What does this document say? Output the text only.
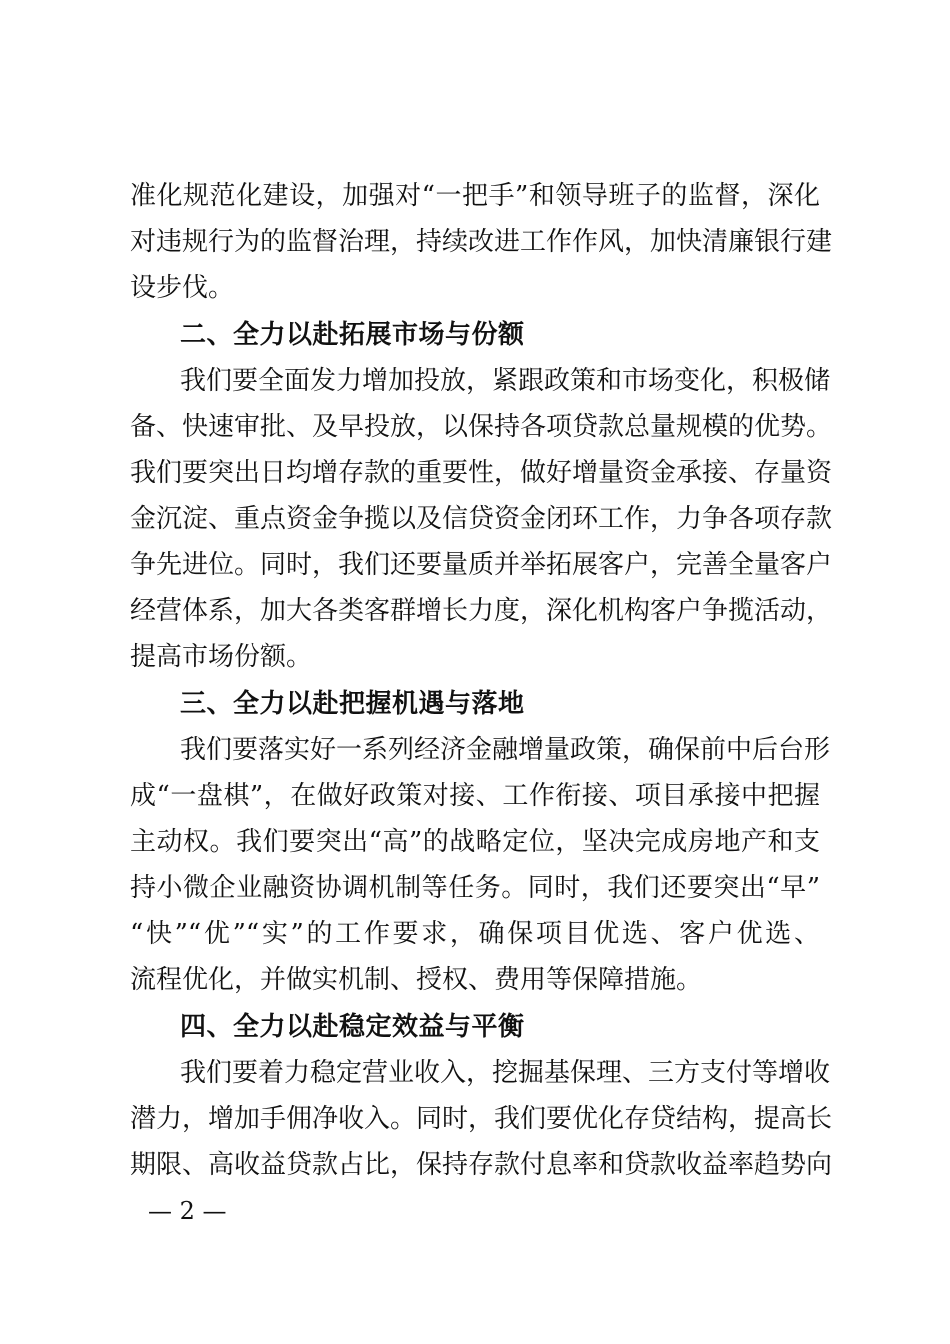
准化规范化建设，加强对“一把手”和领导班子的监督，深化
对违规行为的监督治理，持续改进工作作风，加快清廉银行建
设步伐。
二、全力以赴拓展市场与份额
我们要全面发力增加投放，紧跟政策和市场变化，积极储
备、快速审批、及早投放，以保持各项贷款总量规模的优势。
我们要突出日均增存款的重要性，做好增量资金承接、存量资
金沉淀、重点资金争揽以及信贷资金闭环工作，力争各项存款
争先进位。同时，我们还要量质并举拓展客户，完善全量客户
经营体系，加大各类客群增长力度，深化机构客户争揽活动，
提高市场份额。
三、全力以赴把握机遇与落地
我们要落实好一系列经济金融增量政策，确保前中后台形
成“一盘棋”，在做好政策对接、工作衔接、项目承接中把握
主动权。我们要突出“高”的战略定位，坚决完成房地产和支
持小微企业融资协调机制等任务。同时，我们还要突出“早”
“快”“优”“实”的工作要求，确保项目优选、客户优选、
流程优化，并做实机制、授权、费用等保障措施。
四、全力以赴稳定效益与平衡
我们要着力稳定营业收入，挖掘基保理、三方支付等增收
潜力，增加手佣净收入。同时，我们要优化存贷结构，提高长
期限、高收益贷款占比，保持存款付息率和贷款收益率趋势向
— 2 —
